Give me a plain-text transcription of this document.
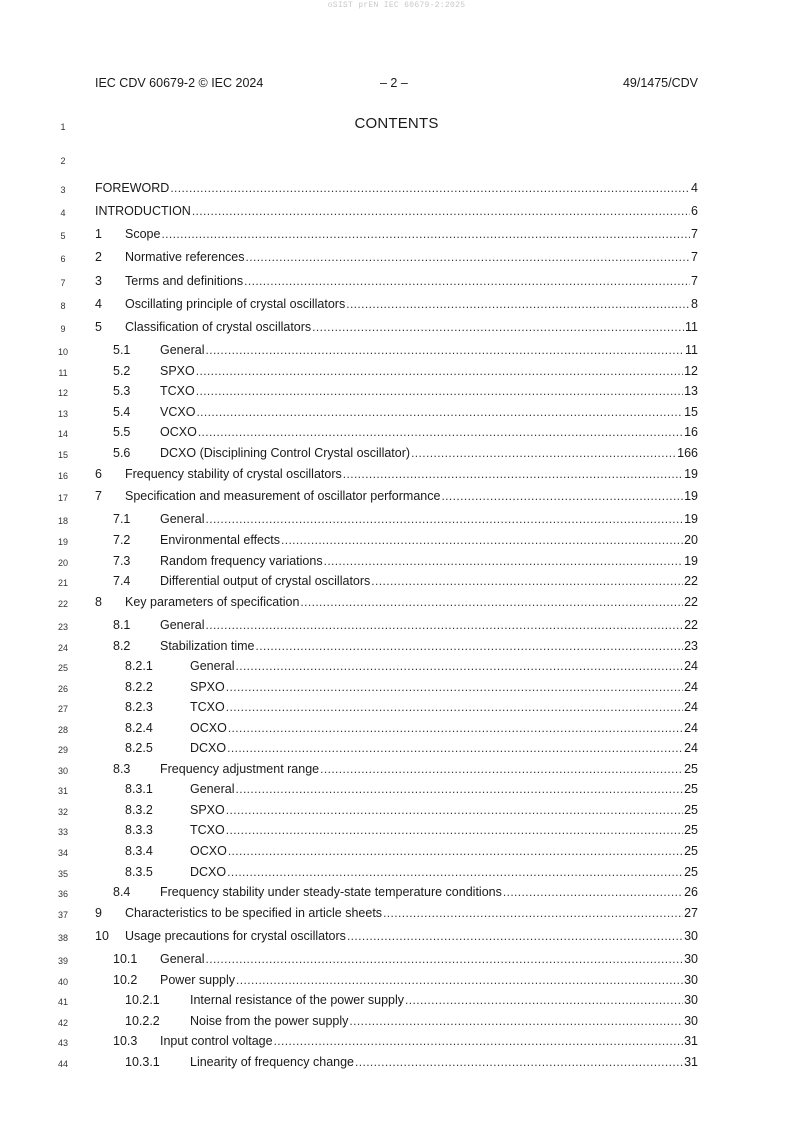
oSIST prEN IEC 60679-2:2025
IEC CDV 60679-2 © IEC 2024	– 2 –	49/1475/CDV
CONTENTS
1
2
3
4
5
6
7
8
9
10
11
12
13
14
15
16
17
18
19
20
21
22
23
24
25
26
27
28
29
30
31
32
33
34
35
36
37
38
39
40
41
42
43
44
FOREWORD .....	4
INTRODUCTION .....	6
1	Scope .....	7
2	Normative references .....	7
3	Terms and definitions .....	7
4	Oscillating principle of crystal oscillators .....	8
5	Classification of crystal oscillators .....	11
5.1	General .....	11
5.2	SPXO .....	12
5.3	TCXO .....	13
5.4	VCXO .....	15
5.5	OCXO .....	16
5.6	DCXO (Disciplining Control Crystal oscillator) .....	166
6	Frequency stability of crystal oscillators .....	19
7	Specification and measurement of oscillator performance .....	19
7.1	General .....	19
7.2	Environmental effects .....	20
7.3	Random frequency variations .....	19
7.4	Differential output of crystal oscillators .....	22
8	Key parameters of specification .....	22
8.1	General .....	22
8.2	Stabilization time .....	23
8.2.1	General .....	24
8.2.2	SPXO .....	24
8.2.3	TCXO .....	24
8.2.4	OCXO .....	24
8.2.5	DCXO .....	24
8.3	Frequency adjustment range .....	25
8.3.1	General .....	25
8.3.2	SPXO .....	25
8.3.3	TCXO .....	25
8.3.4	OCXO .....	25
8.3.5	DCXO .....	25
8.4	Frequency stability under steady-state temperature conditions .....	26
9	Characteristics to be specified in article sheets .....	27
10	Usage precautions for crystal oscillators .....	30
10.1	General .....	30
10.2	Power supply .....	30
10.2.1	Internal resistance of the power supply .....	30
10.2.2	Noise from the power supply .....	30
10.3	Input control voltage .....	31
10.3.1	Linearity of frequency change .....	31
